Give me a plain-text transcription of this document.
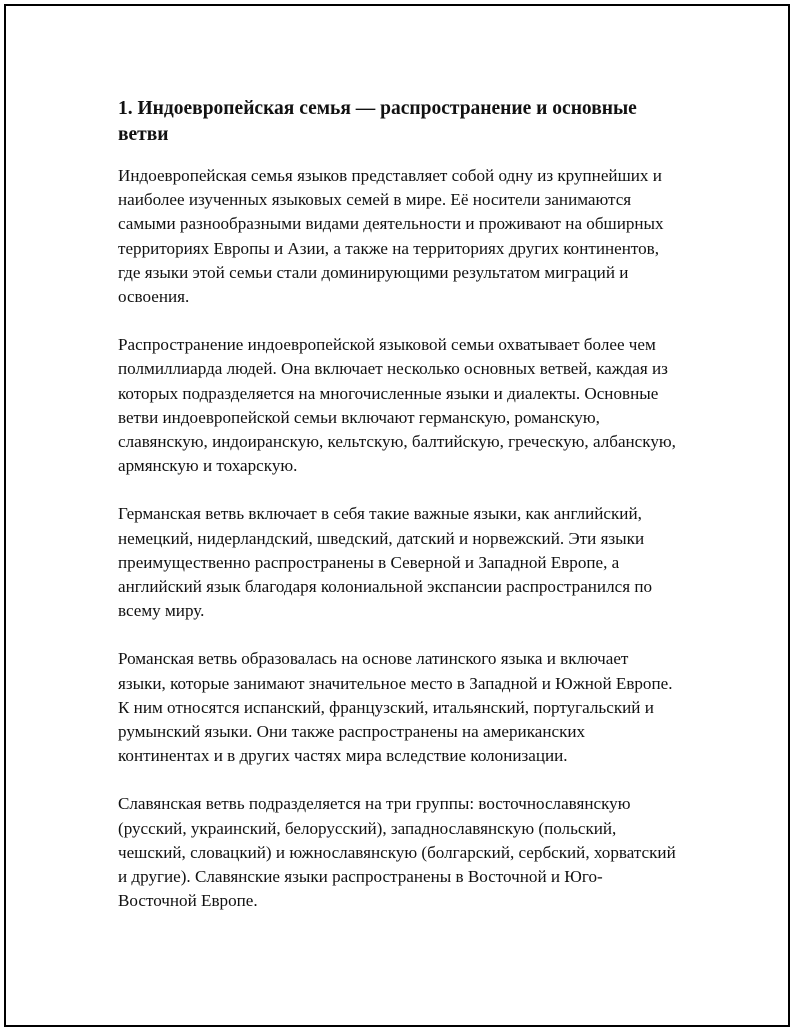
1. Индоевропейская семья — распространение и основные ветви

Индоевропейская семья языков представляет собой одну из крупнейших и наиболее изученных языковых семей в мире. Её носители занимаются самыми разнообразными видами деятельности и проживают на обширных территориях Европы и Азии, а также на территориях других континентов, где языки этой семьи стали доминирующими результатом миграций и освоения.

Распространение индоевропейской языковой семьи охватывает более чем полмиллиарда людей. Она включает несколько основных ветвей, каждая из которых подразделяется на многочисленные языки и диалекты. Основные ветви индоевропейской семьи включают германскую, романскую, славянскую, индоиранскую, кельтскую, балтийскую, греческую, албанскую, армянскую и тохарскую.

Германская ветвь включает в себя такие важные языки, как английский, немецкий, нидерландский, шведский, датский и норвежский. Эти языки преимущественно распространены в Северной и Западной Европе, а английский язык благодаря колониальной экспансии распространился по всему миру.

Романская ветвь образовалась на основе латинского языка и включает языки, которые занимают значительное место в Западной и Южной Европе. К ним относятся испанский, французский, итальянский, португальский и румынский языки. Они также распространены на американских континентах и в других частях мира вследствие колонизации.

Славянская ветвь подразделяется на три группы: восточнославянскую (русский, украинский, белорусский), западнославянскую (польский, чешский, словацкий) и южнославянскую (болгарский, сербский, хорватский и другие). Славянские языки распространены в Восточной и Юго-Восточной Европе.
